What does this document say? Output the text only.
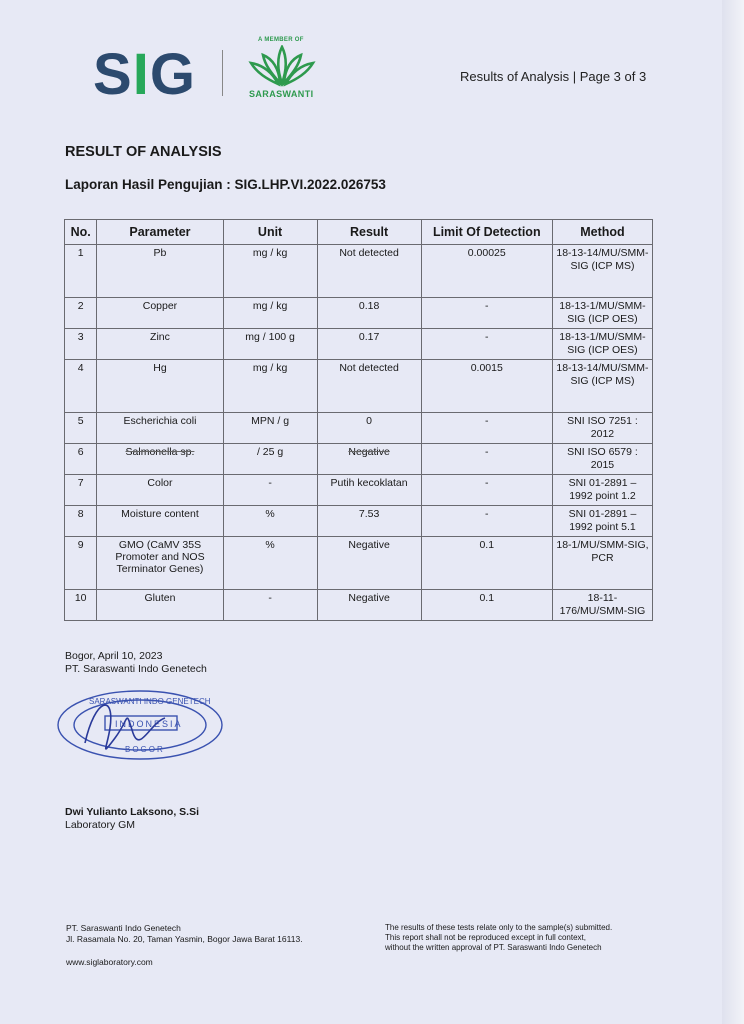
SIG
A MEMBER OF
SARASWANTI
Results of Analysis | Page 3 of 3
RESULT OF ANALYSIS
Laporan Hasil Pengujian : SIG.LHP.VI.2022.026753
No.	Parameter	Unit	Result	Limit Of Detection	Method
1	Pb	mg / kg	Not detected	0.00025	18-13-14/MU/SMM-SIG (ICP MS)
2	Copper	mg / kg	0.18	-	18-13-1/MU/SMM-SIG (ICP OES)
3	Zinc	mg / 100 g	0.17	-	18-13-1/MU/SMM-SIG (ICP OES)
4	Hg	mg / kg	Not detected	0.0015	18-13-14/MU/SMM-SIG (ICP MS)
5	Escherichia coli	MPN / g	0	-	SNI ISO 7251 : 2012
6	Salmonella sp.	/ 25 g	Negative	-	SNI ISO 6579 : 2015
7	Color	-	Putih kecoklatan	-	SNI 01-2891 – 1992 point 1.2
8	Moisture content	%	7.53	-	SNI 01-2891 – 1992 point 5.1
9	GMO (CaMV 35S Promoter and NOS Terminator Genes)	%	Negative	0.1	18-1/MU/SMM-SIG, PCR
10	Gluten	-	Negative	0.1	18-11-176/MU/SMM-SIG
Bogor, April 10, 2023
PT. Saraswanti Indo Genetech
SARASWANTI INDO GENETECH
INDONESIA
BOGOR
Dwi Yulianto Laksono, S.Si
Laboratory GM
PT. Saraswanti Indo Genetech
Jl. Rasamala No. 20, Taman Yasmin, Bogor Jawa Barat 16113.
www.siglaboratory.com
The results of these tests relate only to the sample(s) submitted.
This report shall not be reproduced except in full context,
without the written approval of PT. Saraswanti Indo Genetech
